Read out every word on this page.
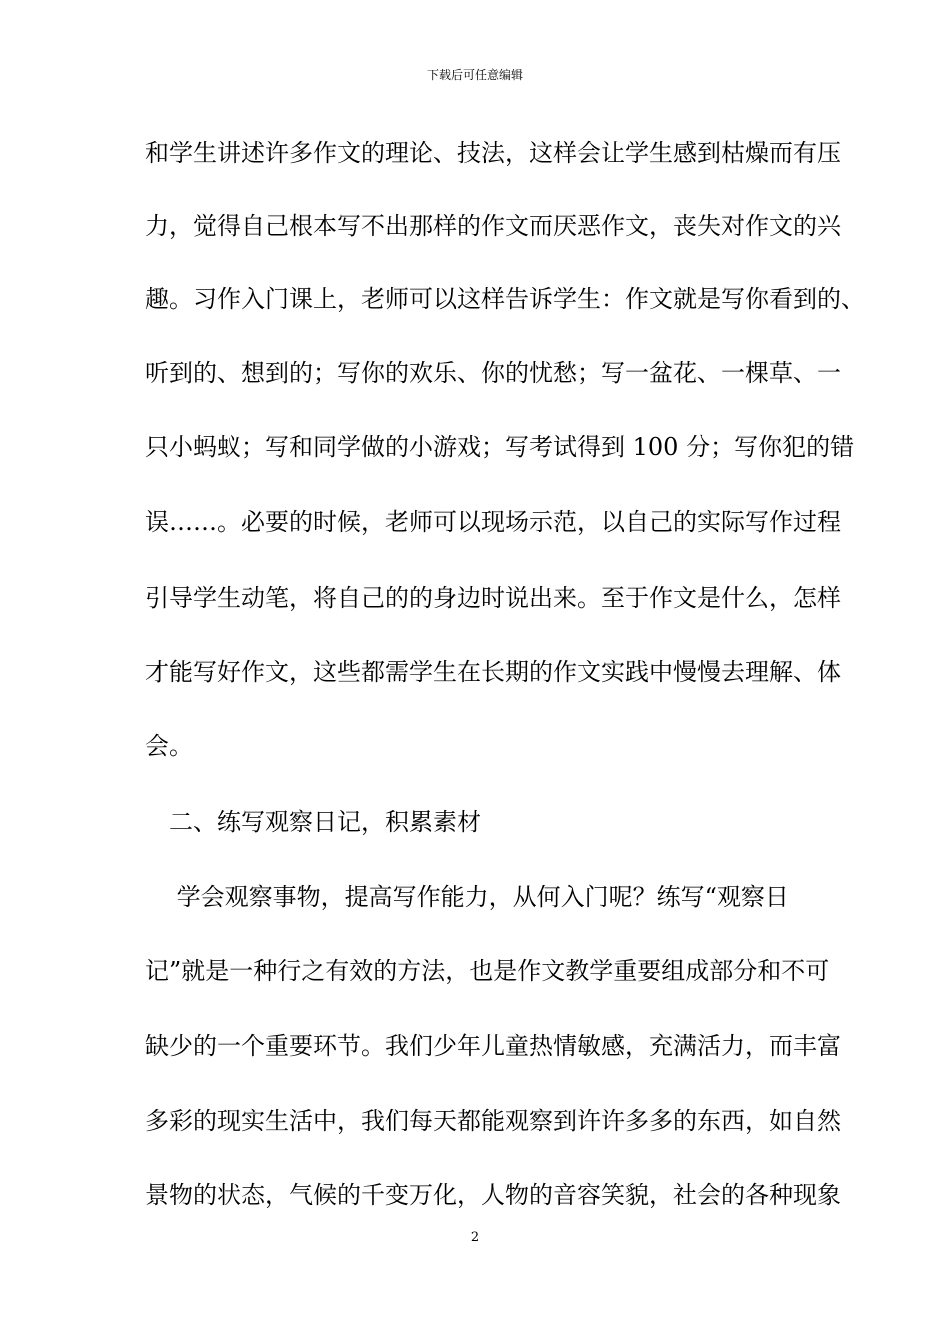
下载后可任意编辑
和学生讲述许多作文的理论、技法，这样会让学生感到枯燥而有压
力，觉得自己根本写不出那样的作文而厌恶作文，丧失对作文的兴
趣。习作入门课上，老师可以这样告诉学生：作文就是写你看到的、
听到的、想到的；写你的欢乐、你的忧愁；写一盆花、一棵草、一
只小蚂蚁；写和同学做的小游戏；写考试得到 100 分；写你犯的错
误……。必要的时候，老师可以现场示范，以自己的实际写作过程
引导学生动笔，将自己的的身边时说出来。至于作文是什么，怎样
才能写好作文，这些都需学生在长期的作文实践中慢慢去理解、体
会。
　二、练写观察日记，积累素材
　 学会观察事物，提高写作能力，从何入门呢？练写“观察日
记”就是一种行之有效的方法，也是作文教学重要组成部分和不可
缺少的一个重要环节。我们少年儿童热情敏感，充满活力，而丰富
多彩的现实生活中，我们每天都能观察到许许多多的东西，如自然
景物的状态，气候的千变万化，人物的音容笑貌，社会的各种现象
2
